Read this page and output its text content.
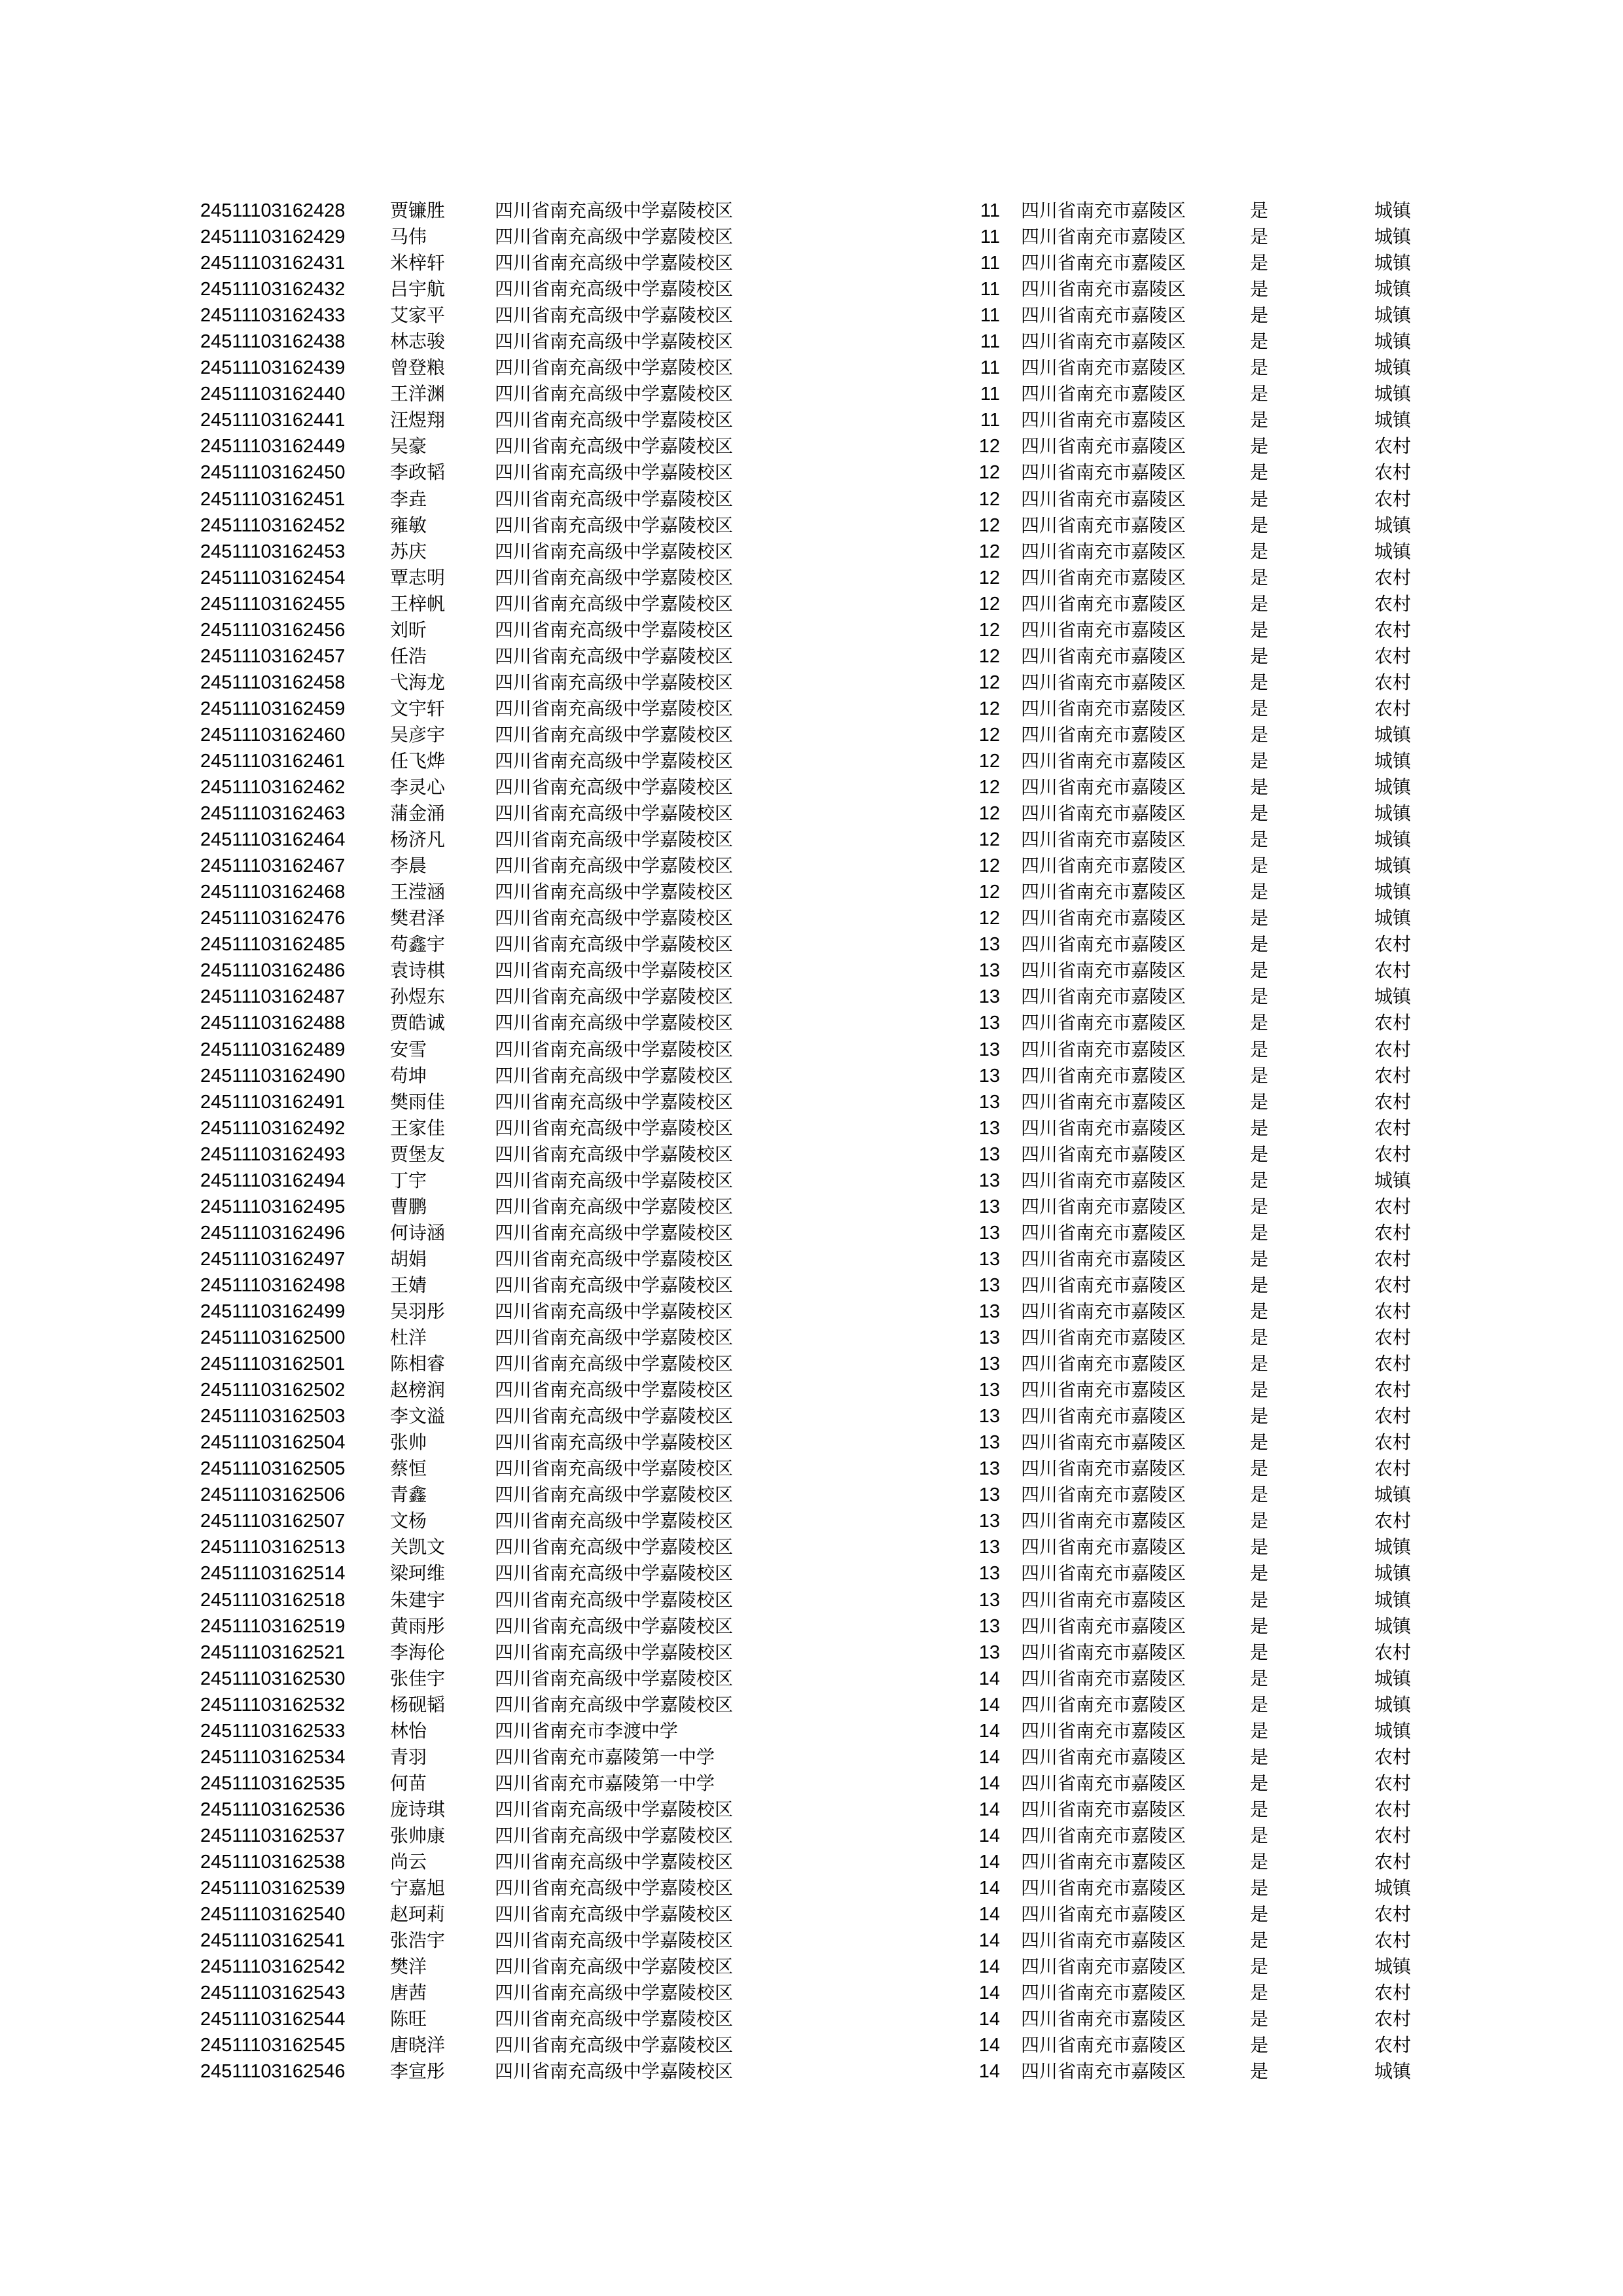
24511103162428	贾镰胜	四川省南充高级中学嘉陵校区	11	四川省南充市嘉陵区	是	城镇
24511103162429	马伟	四川省南充高级中学嘉陵校区	11	四川省南充市嘉陵区	是	城镇
24511103162431	米梓轩	四川省南充高级中学嘉陵校区	11	四川省南充市嘉陵区	是	城镇
24511103162432	吕宇航	四川省南充高级中学嘉陵校区	11	四川省南充市嘉陵区	是	城镇
24511103162433	艾家平	四川省南充高级中学嘉陵校区	11	四川省南充市嘉陵区	是	城镇
24511103162438	林志骏	四川省南充高级中学嘉陵校区	11	四川省南充市嘉陵区	是	城镇
24511103162439	曾登粮	四川省南充高级中学嘉陵校区	11	四川省南充市嘉陵区	是	城镇
24511103162440	王洋渊	四川省南充高级中学嘉陵校区	11	四川省南充市嘉陵区	是	城镇
24511103162441	汪煜翔	四川省南充高级中学嘉陵校区	11	四川省南充市嘉陵区	是	城镇
24511103162449	吴豪	四川省南充高级中学嘉陵校区	12	四川省南充市嘉陵区	是	农村
24511103162450	李政韬	四川省南充高级中学嘉陵校区	12	四川省南充市嘉陵区	是	农村
24511103162451	李垚	四川省南充高级中学嘉陵校区	12	四川省南充市嘉陵区	是	农村
24511103162452	雍敏	四川省南充高级中学嘉陵校区	12	四川省南充市嘉陵区	是	城镇
24511103162453	苏庆	四川省南充高级中学嘉陵校区	12	四川省南充市嘉陵区	是	城镇
24511103162454	覃志明	四川省南充高级中学嘉陵校区	12	四川省南充市嘉陵区	是	农村
24511103162455	王梓帆	四川省南充高级中学嘉陵校区	12	四川省南充市嘉陵区	是	农村
24511103162456	刘昕	四川省南充高级中学嘉陵校区	12	四川省南充市嘉陵区	是	农村
24511103162457	任浩	四川省南充高级中学嘉陵校区	12	四川省南充市嘉陵区	是	农村
24511103162458	弋海龙	四川省南充高级中学嘉陵校区	12	四川省南充市嘉陵区	是	农村
24511103162459	文宇轩	四川省南充高级中学嘉陵校区	12	四川省南充市嘉陵区	是	农村
24511103162460	吴彦宇	四川省南充高级中学嘉陵校区	12	四川省南充市嘉陵区	是	城镇
24511103162461	任飞烨	四川省南充高级中学嘉陵校区	12	四川省南充市嘉陵区	是	城镇
24511103162462	李灵心	四川省南充高级中学嘉陵校区	12	四川省南充市嘉陵区	是	城镇
24511103162463	蒲金涌	四川省南充高级中学嘉陵校区	12	四川省南充市嘉陵区	是	城镇
24511103162464	杨济凡	四川省南充高级中学嘉陵校区	12	四川省南充市嘉陵区	是	城镇
24511103162467	李晨	四川省南充高级中学嘉陵校区	12	四川省南充市嘉陵区	是	城镇
24511103162468	王滢涵	四川省南充高级中学嘉陵校区	12	四川省南充市嘉陵区	是	城镇
24511103162476	樊君泽	四川省南充高级中学嘉陵校区	12	四川省南充市嘉陵区	是	城镇
24511103162485	苟鑫宇	四川省南充高级中学嘉陵校区	13	四川省南充市嘉陵区	是	农村
24511103162486	袁诗棋	四川省南充高级中学嘉陵校区	13	四川省南充市嘉陵区	是	农村
24511103162487	孙煜东	四川省南充高级中学嘉陵校区	13	四川省南充市嘉陵区	是	城镇
24511103162488	贾皓诚	四川省南充高级中学嘉陵校区	13	四川省南充市嘉陵区	是	农村
24511103162489	安雪	四川省南充高级中学嘉陵校区	13	四川省南充市嘉陵区	是	农村
24511103162490	苟坤	四川省南充高级中学嘉陵校区	13	四川省南充市嘉陵区	是	农村
24511103162491	樊雨佳	四川省南充高级中学嘉陵校区	13	四川省南充市嘉陵区	是	农村
24511103162492	王家佳	四川省南充高级中学嘉陵校区	13	四川省南充市嘉陵区	是	农村
24511103162493	贾堡友	四川省南充高级中学嘉陵校区	13	四川省南充市嘉陵区	是	农村
24511103162494	丁宇	四川省南充高级中学嘉陵校区	13	四川省南充市嘉陵区	是	城镇
24511103162495	曹鹏	四川省南充高级中学嘉陵校区	13	四川省南充市嘉陵区	是	农村
24511103162496	何诗涵	四川省南充高级中学嘉陵校区	13	四川省南充市嘉陵区	是	农村
24511103162497	胡娟	四川省南充高级中学嘉陵校区	13	四川省南充市嘉陵区	是	农村
24511103162498	王婧	四川省南充高级中学嘉陵校区	13	四川省南充市嘉陵区	是	农村
24511103162499	吴羽彤	四川省南充高级中学嘉陵校区	13	四川省南充市嘉陵区	是	农村
24511103162500	杜洋	四川省南充高级中学嘉陵校区	13	四川省南充市嘉陵区	是	农村
24511103162501	陈相睿	四川省南充高级中学嘉陵校区	13	四川省南充市嘉陵区	是	农村
24511103162502	赵榜润	四川省南充高级中学嘉陵校区	13	四川省南充市嘉陵区	是	农村
24511103162503	李文溢	四川省南充高级中学嘉陵校区	13	四川省南充市嘉陵区	是	农村
24511103162504	张帅	四川省南充高级中学嘉陵校区	13	四川省南充市嘉陵区	是	农村
24511103162505	蔡恒	四川省南充高级中学嘉陵校区	13	四川省南充市嘉陵区	是	农村
24511103162506	青鑫	四川省南充高级中学嘉陵校区	13	四川省南充市嘉陵区	是	城镇
24511103162507	文杨	四川省南充高级中学嘉陵校区	13	四川省南充市嘉陵区	是	农村
24511103162513	关凯文	四川省南充高级中学嘉陵校区	13	四川省南充市嘉陵区	是	城镇
24511103162514	梁珂维	四川省南充高级中学嘉陵校区	13	四川省南充市嘉陵区	是	城镇
24511103162518	朱建宇	四川省南充高级中学嘉陵校区	13	四川省南充市嘉陵区	是	城镇
24511103162519	黄雨彤	四川省南充高级中学嘉陵校区	13	四川省南充市嘉陵区	是	城镇
24511103162521	李海伦	四川省南充高级中学嘉陵校区	13	四川省南充市嘉陵区	是	农村
24511103162530	张佳宇	四川省南充高级中学嘉陵校区	14	四川省南充市嘉陵区	是	城镇
24511103162532	杨砚韬	四川省南充高级中学嘉陵校区	14	四川省南充市嘉陵区	是	城镇
24511103162533	林怡	四川省南充市李渡中学	14	四川省南充市嘉陵区	是	城镇
24511103162534	青羽	四川省南充市嘉陵第一中学	14	四川省南充市嘉陵区	是	农村
24511103162535	何苗	四川省南充市嘉陵第一中学	14	四川省南充市嘉陵区	是	农村
24511103162536	庞诗琪	四川省南充高级中学嘉陵校区	14	四川省南充市嘉陵区	是	农村
24511103162537	张帅康	四川省南充高级中学嘉陵校区	14	四川省南充市嘉陵区	是	农村
24511103162538	尚云	四川省南充高级中学嘉陵校区	14	四川省南充市嘉陵区	是	农村
24511103162539	宁嘉旭	四川省南充高级中学嘉陵校区	14	四川省南充市嘉陵区	是	城镇
24511103162540	赵珂莉	四川省南充高级中学嘉陵校区	14	四川省南充市嘉陵区	是	农村
24511103162541	张浩宇	四川省南充高级中学嘉陵校区	14	四川省南充市嘉陵区	是	农村
24511103162542	樊洋	四川省南充高级中学嘉陵校区	14	四川省南充市嘉陵区	是	城镇
24511103162543	唐茜	四川省南充高级中学嘉陵校区	14	四川省南充市嘉陵区	是	农村
24511103162544	陈旺	四川省南充高级中学嘉陵校区	14	四川省南充市嘉陵区	是	农村
24511103162545	唐晓洋	四川省南充高级中学嘉陵校区	14	四川省南充市嘉陵区	是	农村
24511103162546	李宣彤	四川省南充高级中学嘉陵校区	14	四川省南充市嘉陵区	是	城镇
